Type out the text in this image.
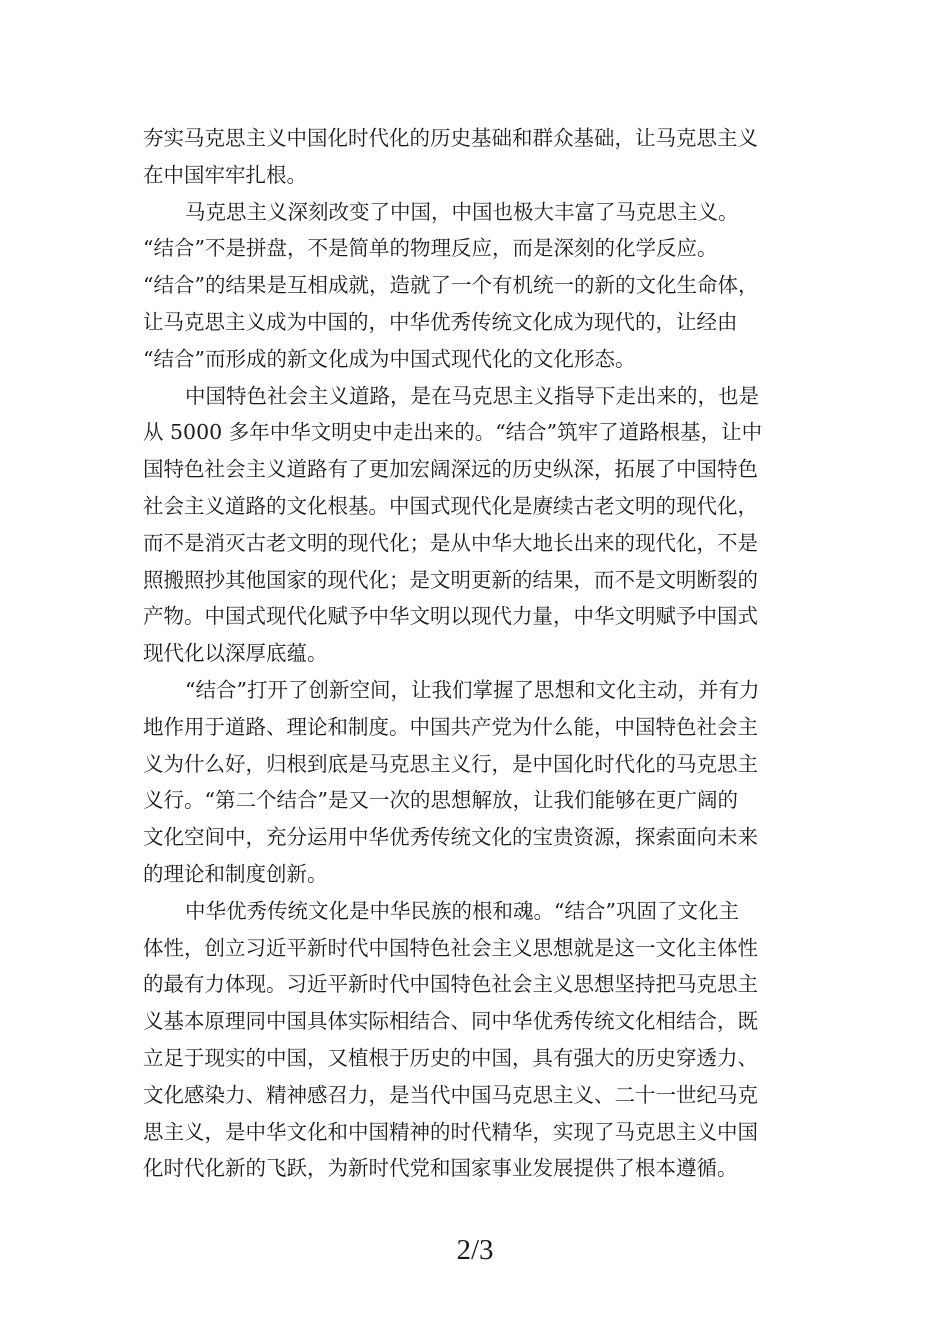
夯实马克思主义中国化时代化的历史基础和群众基础，让马克思主义
在中国牢牢扎根。
马克思主义深刻改变了中国，中国也极大丰富了马克思主义。
“结合”不是拼盘，不是简单的物理反应，而是深刻的化学反应。
“结合”的结果是互相成就，造就了一个有机统一的新的文化生命体，
让马克思主义成为中国的，中华优秀传统文化成为现代的，让经由
“结合”而形成的新文化成为中国式现代化的文化形态。
中国特色社会主义道路，是在马克思主义指导下走出来的，也是
从 5000 多年中华文明史中走出来的。“结合”筑牢了道路根基，让中
国特色社会主义道路有了更加宏阔深远的历史纵深，拓展了中国特色
社会主义道路的文化根基。中国式现代化是赓续古老文明的现代化，
而不是消灭古老文明的现代化；是从中华大地长出来的现代化，不是
照搬照抄其他国家的现代化；是文明更新的结果，而不是文明断裂的
产物。中国式现代化赋予中华文明以现代力量，中华文明赋予中国式
现代化以深厚底蕴。
“结合”打开了创新空间，让我们掌握了思想和文化主动，并有力
地作用于道路、理论和制度。中国共产党为什么能，中国特色社会主
义为什么好，归根到底是马克思主义行，是中国化时代化的马克思主
义行。“第二个结合”是又一次的思想解放，让我们能够在更广阔的
文化空间中，充分运用中华优秀传统文化的宝贵资源，探索面向未来
的理论和制度创新。
中华优秀传统文化是中华民族的根和魂。“结合”巩固了文化主
体性，创立习近平新时代中国特色社会主义思想就是这一文化主体性
的最有力体现。习近平新时代中国特色社会主义思想坚持把马克思主
义基本原理同中国具体实际相结合、同中华优秀传统文化相结合，既
立足于现实的中国，又植根于历史的中国，具有强大的历史穿透力、
文化感染力、精神感召力，是当代中国马克思主义、二十一世纪马克
思主义，是中华文化和中国精神的时代精华，实现了马克思主义中国
化时代化新的飞跃，为新时代党和国家事业发展提供了根本遵循。
2/3
